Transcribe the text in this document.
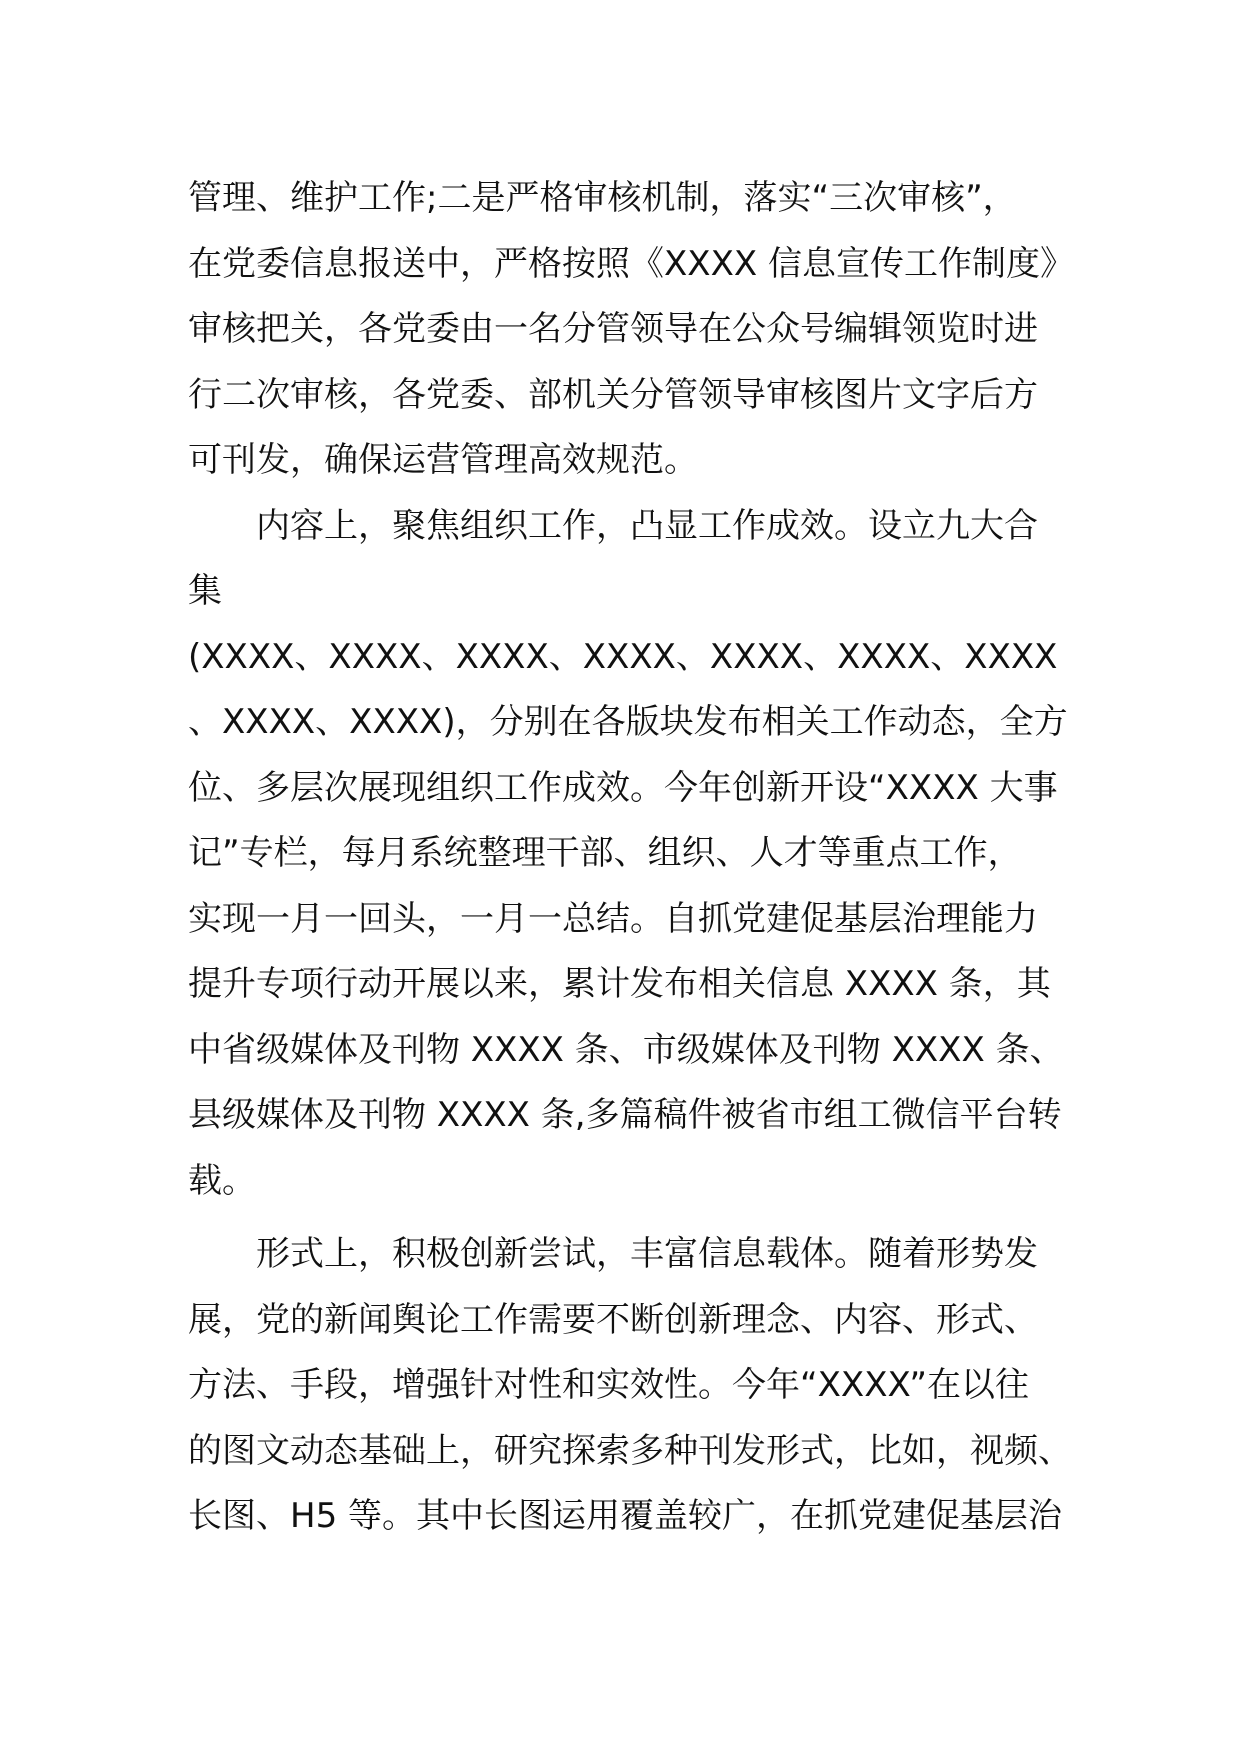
管理、维护工作;二是严格审核机制，落实“三次审核”，
在党委信息报送中，严格按照《XXXX 信息宣传工作制度》
审核把关，各党委由一名分管领导在公众号编辑领览时进
行二次审核，各党委、部机关分管领导审核图片文字后方
可刊发，确保运营管理高效规范。
内容上，聚焦组织工作，凸显工作成效。设立九大合
集
(XXXX、XXXX、XXXX、XXXX、XXXX、XXXX、XXXX
、XXXX、XXXX)，分别在各版块发布相关工作动态，全方
位、多层次展现组织工作成效。今年创新开设“XXXX 大事
记”专栏，每月系统整理干部、组织、人才等重点工作，
实现一月一回头，一月一总结。自抓党建促基层治理能力
提升专项行动开展以来，累计发布相关信息 XXXX 条，其
中省级媒体及刊物 XXXX 条、市级媒体及刊物 XXXX 条、
县级媒体及刊物 XXXX 条,多篇稿件被省市组工微信平台转
载。
形式上，积极创新尝试，丰富信息载体。随着形势发
展，党的新闻舆论工作需要不断创新理念、内容、形式、
方法、手段，增强针对性和实效性。今年“XXXX”在以往
的图文动态基础上，研究探索多种刊发形式，比如，视频、
长图、H5 等。其中长图运用覆盖较广，在抓党建促基层治
